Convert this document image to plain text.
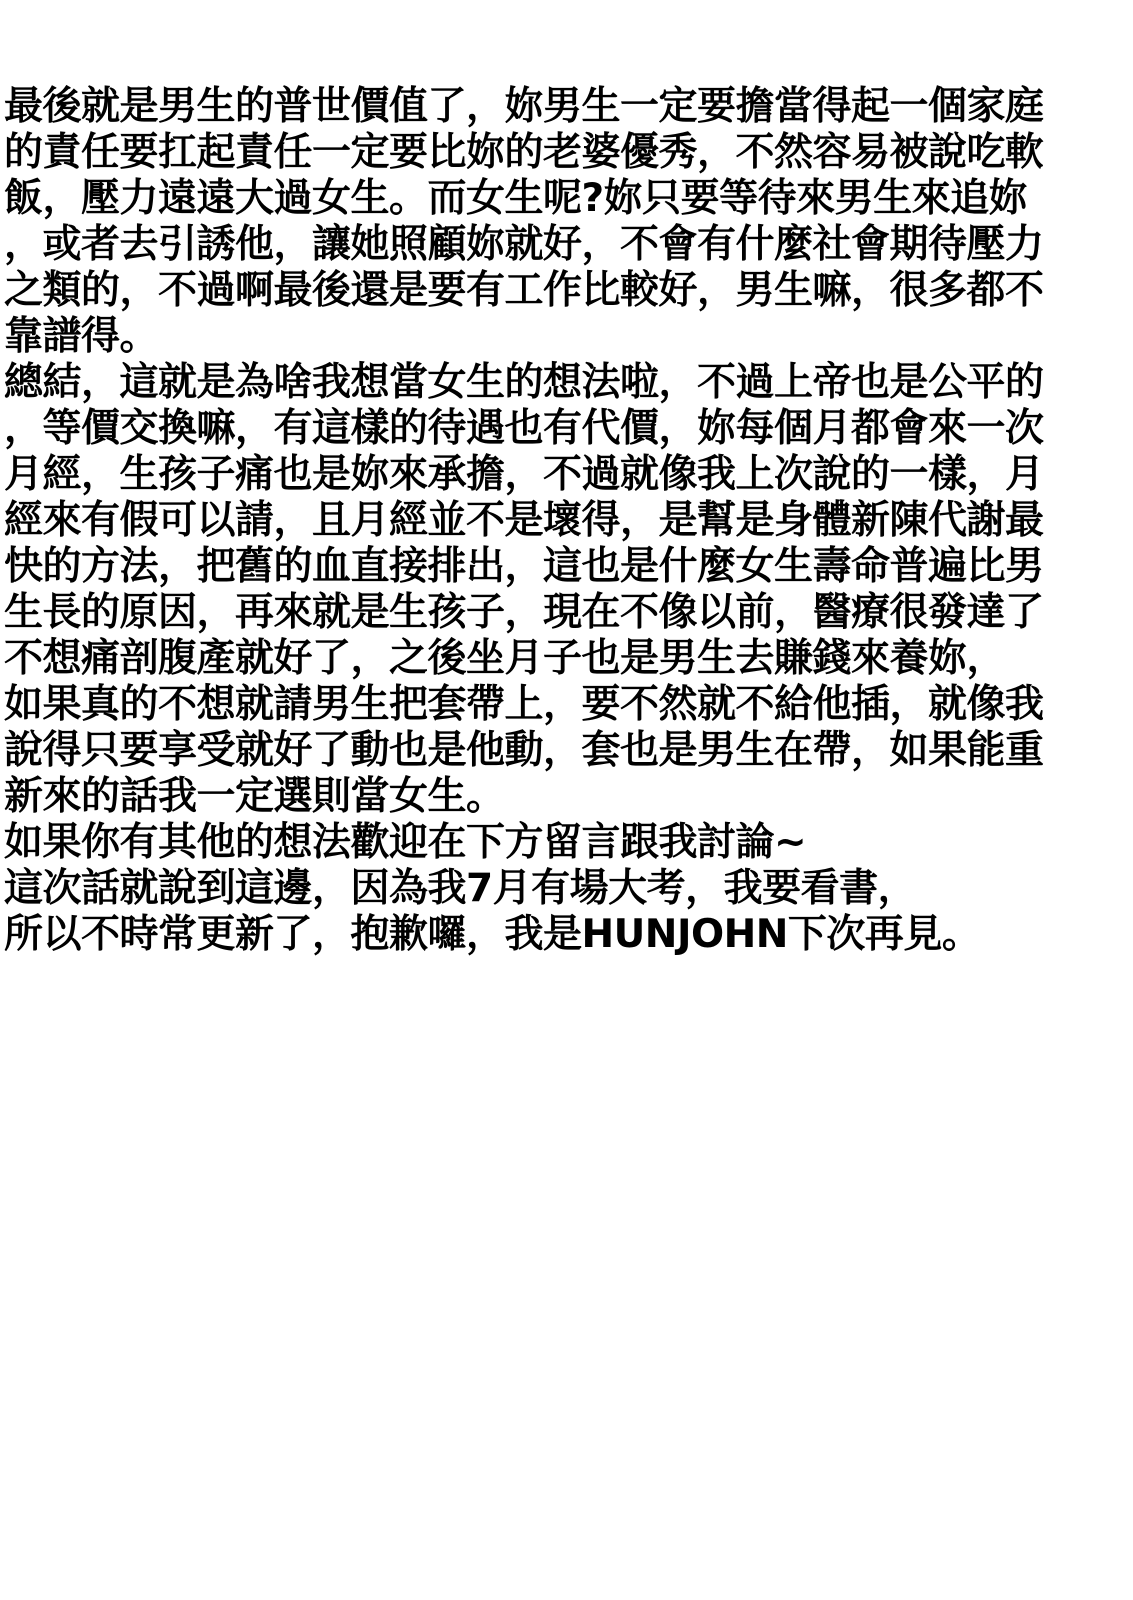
最後就是男生的普世價值了，妳男生一定要擔當得起一個家庭
的責任要扛起責任一定要比妳的老婆優秀，不然容易被說吃軟
飯，壓力遠遠大過女生。而女生呢?妳只要等待來男生來追妳
，或者去引誘他，讓她照顧妳就好，不會有什麼社會期待壓力
之類的，不過啊最後還是要有工作比較好，男生嘛，很多都不
靠譜得。
總結，這就是為啥我想當女生的想法啦，不過上帝也是公平的
，等價交換嘛，有這樣的待遇也有代價，妳每個月都會來一次
月經，生孩子痛也是妳來承擔，不過就像我上次說的一樣，月
經來有假可以請，且月經並不是壞得，是幫是身體新陳代謝最
快的方法，把舊的血直接排出，這也是什麼女生壽命普遍比男
生長的原因，再來就是生孩子，現在不像以前，醫療很發達了
不想痛剖腹產就好了，之後坐月子也是男生去賺錢來養妳，
如果真的不想就請男生把套帶上，要不然就不給他插，就像我
說得只要享受就好了動也是他動，套也是男生在帶，如果能重
新來的話我一定選則當女生。
如果你有其他的想法歡迎在下方留言跟我討論~
這次話就說到這邊，因為我7月有場大考，我要看書，
所以不時常更新了，抱歉囉，我是HUNJOHN下次再見。
